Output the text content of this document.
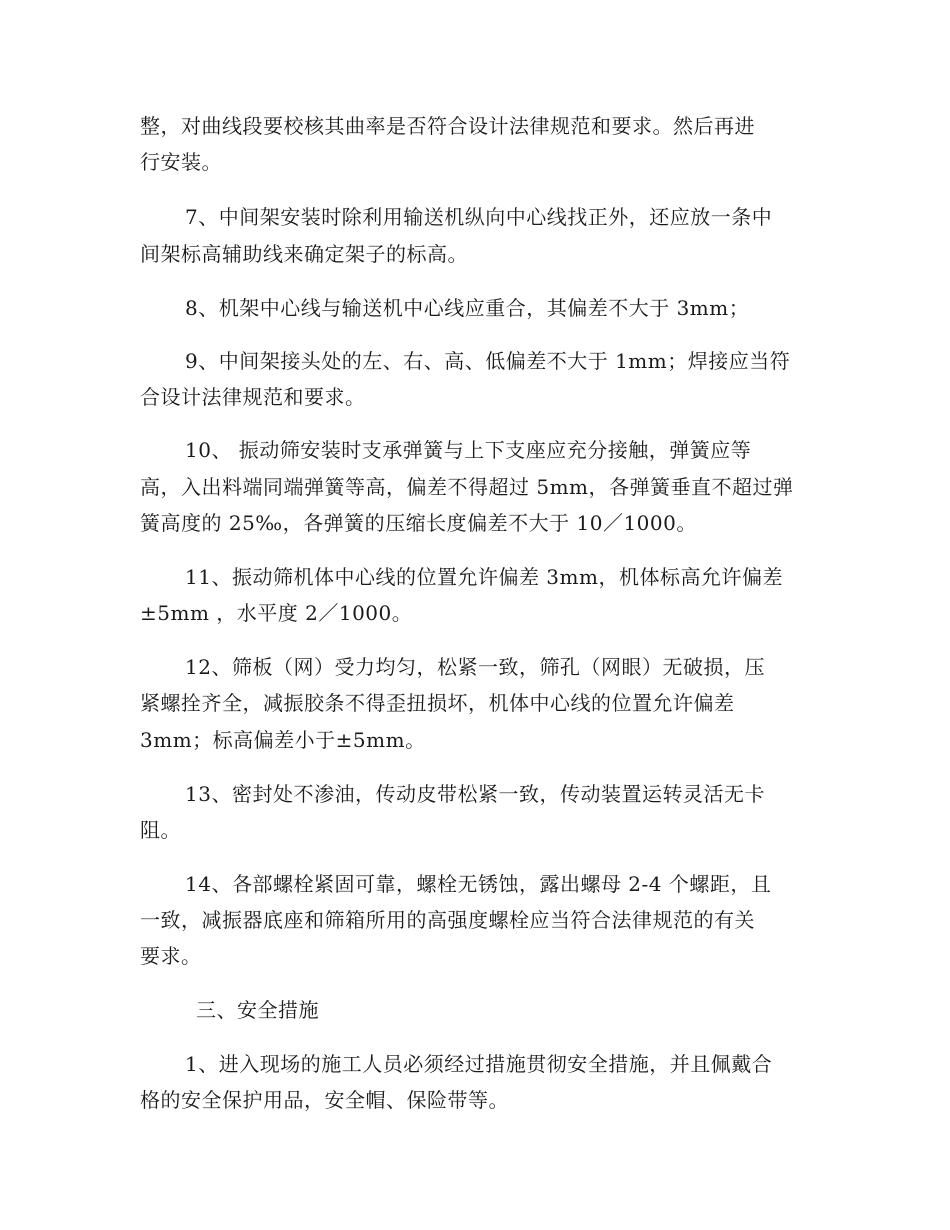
整，对曲线段要校核其曲率是否符合设计法律规范和要求。然后再进
行安装。
7、中间架安装时除利用输送机纵向中心线找正外，还应放一条中
间架标高辅助线来确定架子的标高。
8、机架中心线与输送机中心线应重合，其偏差不大于 3mm；
9、中间架接头处的左、右、高、低偏差不大于 1mm；焊接应当符
合设计法律规范和要求。
10、 振动筛安装时支承弹簧与上下支座应充分接触，弹簧应等
高，入出料端同端弹簧等高，偏差不得超过 5mm，各弹簧垂直不超过弹
簧高度的 25‰，各弹簧的压缩长度偏差不大于 10／1000。
11、振动筛机体中心线的位置允许偏差 3mm，机体标高允许偏差
±5mm ，水平度 2／1000。
12、筛板（网）受力均匀，松紧一致，筛孔（网眼）无破损，压
紧螺拴齐全，减振胶条不得歪扭损坏，机体中心线的位置允许偏差
3mm；标高偏差小于±5mm。
13、密封处不渗油，传动皮带松紧一致，传动装置运转灵活无卡
阻。
14、各部螺栓紧固可靠，螺栓无锈蚀，露出螺母 2-4 个螺距，且
一致，减振器底座和筛箱所用的高强度螺栓应当符合法律规范的有关
要求。
三、安全措施
1、进入现场的施工人员必须经过措施贯彻安全措施，并且佩戴合
格的安全保护用品，安全帽、保险带等。
